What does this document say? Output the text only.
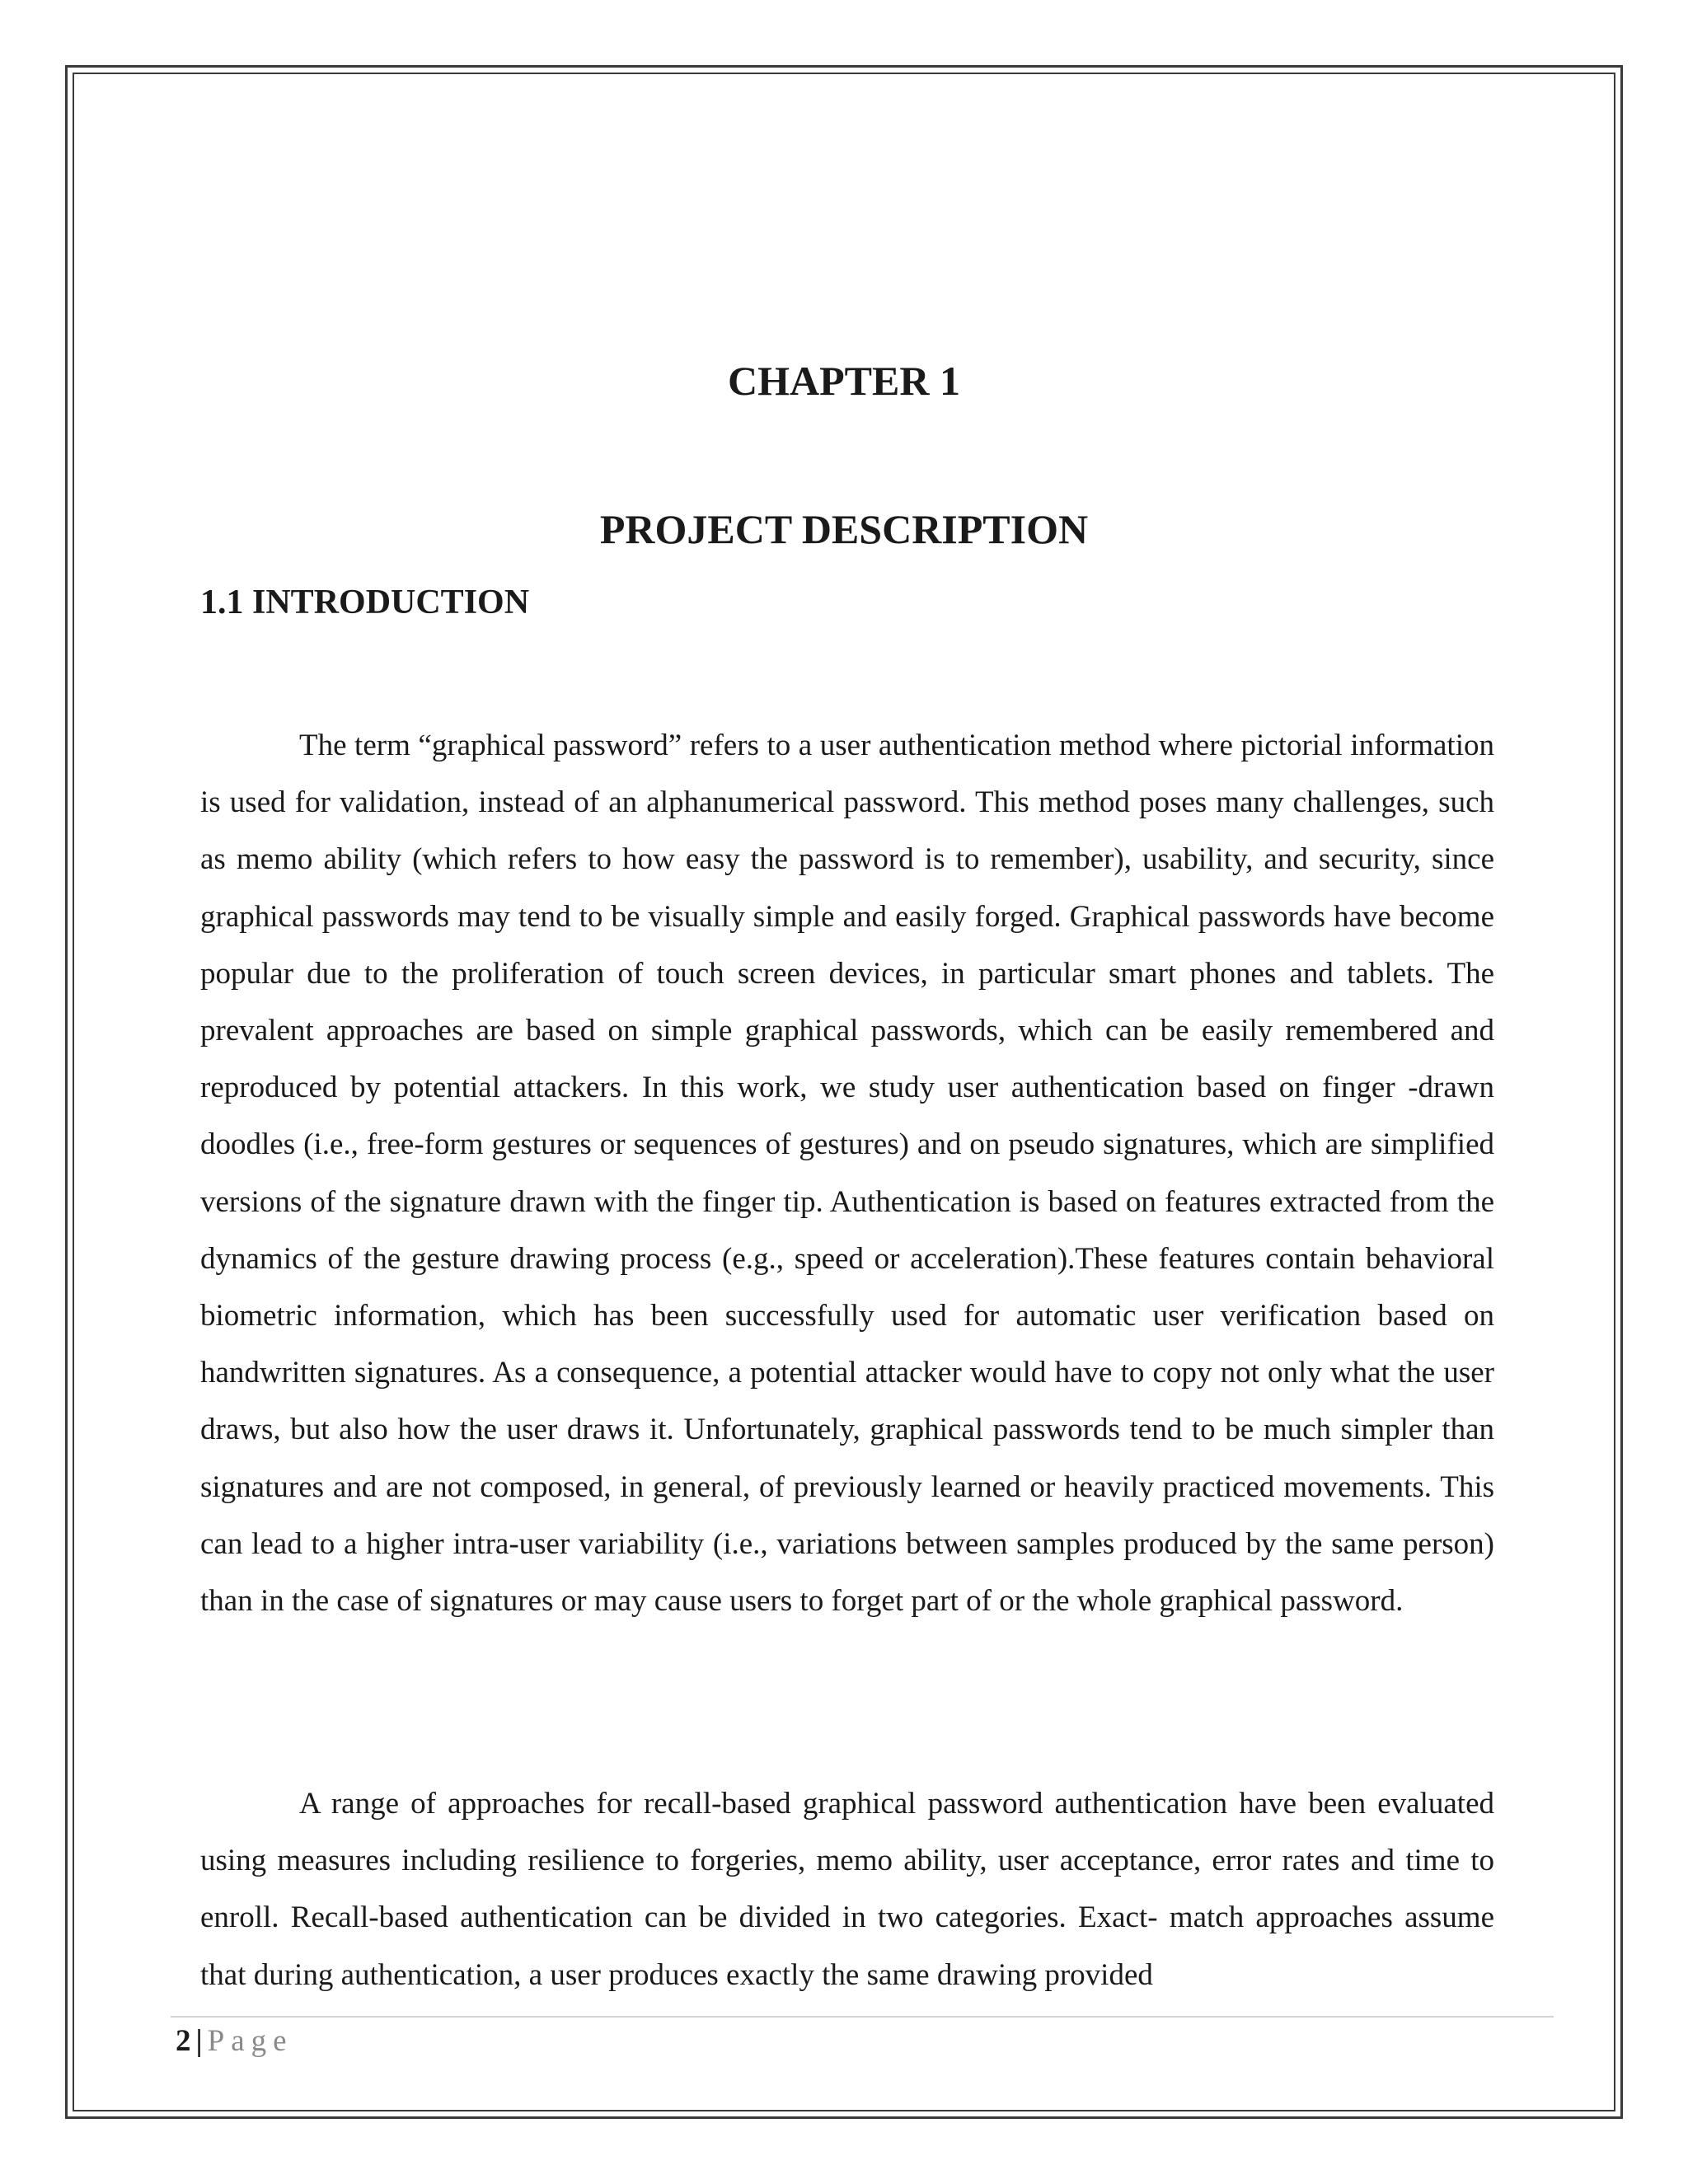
CHAPTER 1
PROJECT DESCRIPTION
1.1 INTRODUCTION

The term “graphical password” refers to a user authentication method where pictorial information is used for validation, instead of an alphanumerical password. This method poses many challenges, such as memo ability (which refers to how easy the password is to remember), usability, and security, since graphical passwords may tend to be visually simple and easily forged. Graphical passwords have become popular due to the proliferation of touch screen devices, in particular smart phones and tablets. The prevalent approaches are based on simple graphical passwords, which can be easily remembered and reproduced by potential attackers. In this work, we study user authentication based on finger -drawn doodles (i.e., free-form gestures or sequences of gestures) and on pseudo signatures, which are simplified versions of the signature drawn with the finger tip. Authentication is based on features extracted from the dynamics of the gesture drawing process (e.g., speed or acceleration).These features contain behavioral biometric information, which has been successfully used for automatic user verification based on handwritten signatures. As a consequence, a potential attacker would have to copy not only what the user draws, but also how the user draws it. Unfortunately, graphical passwords tend to be much simpler than signatures and are not composed, in general, of previously learned or heavily practiced movements. This can lead to a higher intra-user variability (i.e., variations between samples produced by the same person) than in the case of signatures or may cause users to forget part of or the whole graphical password.

A range of approaches for recall-based graphical password authentication have been evaluated using measures including resilience to forgeries, memo ability, user acceptance, error rates and time to enroll. Recall-based authentication can be divided in two categories. Exact- match approaches assume that during authentication, a user produces exactly the same drawing provided

2 | Page
